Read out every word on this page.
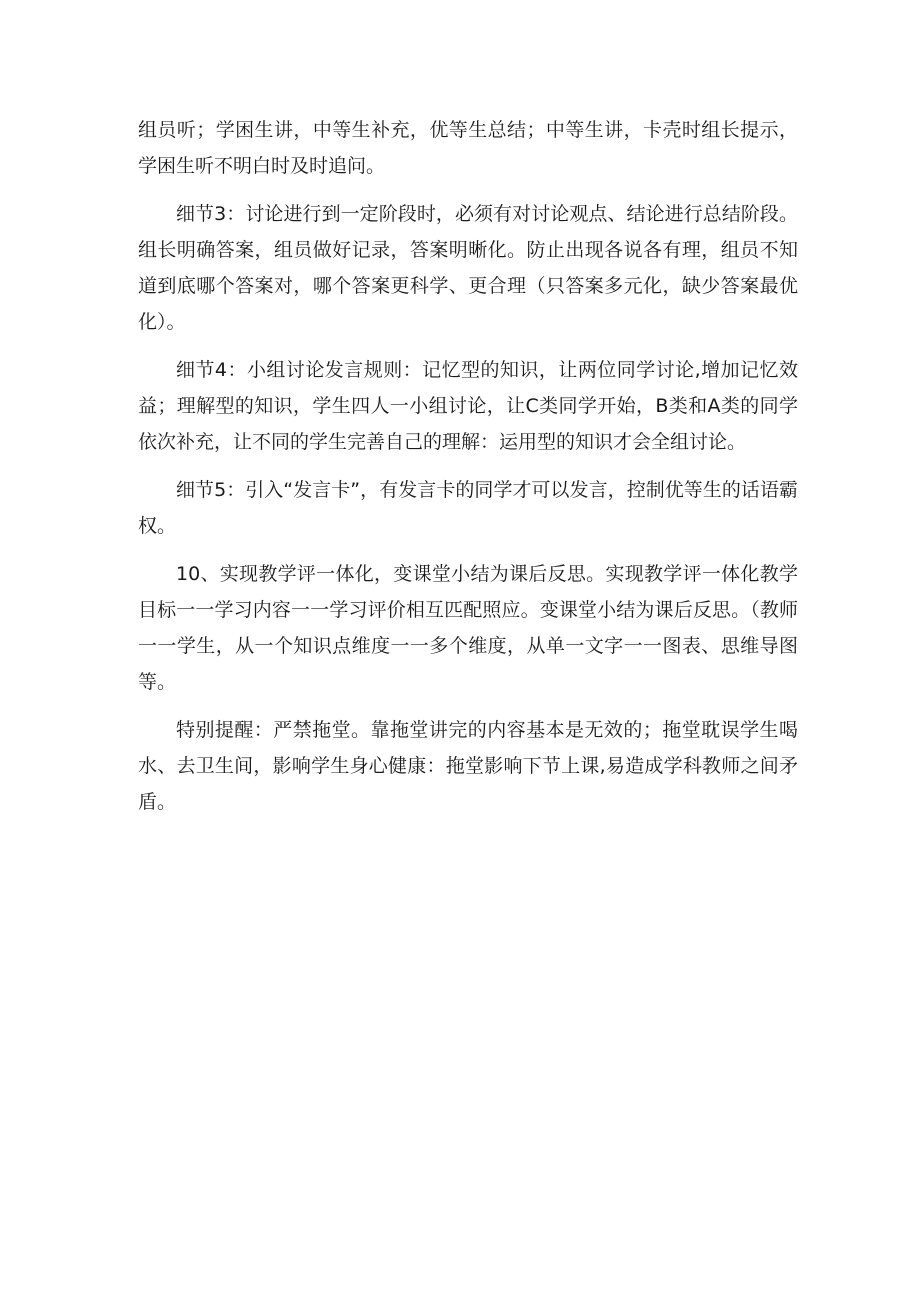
组员听；学困生讲，中等生补充，优等生总结；中等生讲，卡壳时组长提示，学困生听不明白时及时追问。

细节3：讨论进行到一定阶段时，必须有对讨论观点、结论进行总结阶段。组长明确答案，组员做好记录，答案明晰化。防止出现各说各有理，组员不知道到底哪个答案对，哪个答案更科学、更合理（只答案多元化，缺少答案最优化）。

细节4：小组讨论发言规则：记忆型的知识，让两位同学讨论,增加记忆效益；理解型的知识，学生四人一小组讨论，让C类同学开始，B类和A类的同学依次补充，让不同的学生完善自己的理解：运用型的知识才会全组讨论。

细节5：引入“发言卡”，有发言卡的同学才可以发言，控制优等生的话语霸权。

10、实现教学评一体化，变课堂小结为课后反思。实现教学评一体化教学目标一一学习内容一一学习评价相互匹配照应。变课堂小结为课后反思。（教师一一学生，从一个知识点维度一一多个维度，从单一文字一一图表、思维导图等。

特别提醒：严禁拖堂。靠拖堂讲完的内容基本是无效的；拖堂耽误学生喝水、去卫生间，影响学生身心健康：拖堂影响下节上课,易造成学科教师之间矛盾。
